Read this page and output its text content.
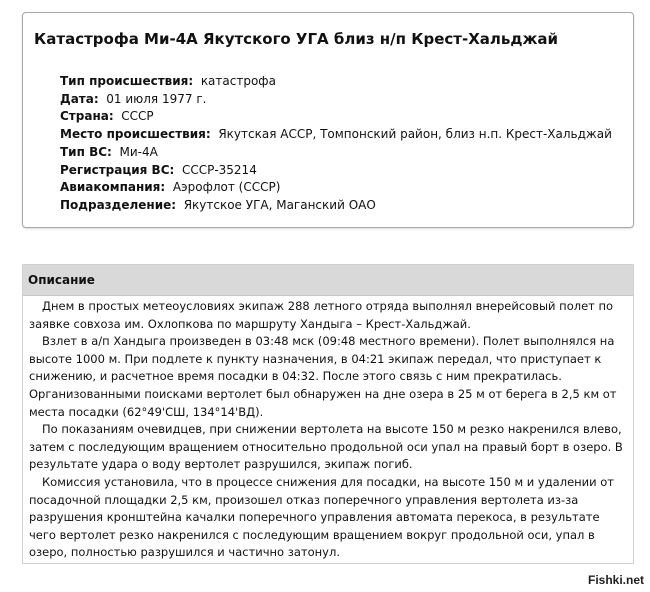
Катастрофа Ми-4А Якутского УГА близ н/п Крест-Хальджай
Тип происшествия: катастрофа
Дата: 01 июля 1977 г.
Страна: СССР
Место происшествия: Якутская АССР, Томпонский район, близ н.п. Крест-Хальджай
Тип ВС: Ми-4А
Регистрация ВС: СССР-35214
Авиакомпания: Аэрофлот (СССР)
Подразделение: Якутское УГА, Маганский ОАО
Описание

Днем в простых метеоусловиях экипаж 288 летного отряда выполнял внерейсовый полет по заявке совхоза им. Охлопкова по маршруту Хандыга – Крест-Хальджай.

Взлет в а/п Хандыга произведен в 03:48 мск (09:48 местного времени). Полет выполнялся на высоте 1000 м. При подлете к пункту назначения, в 04:21 экипаж передал, что приступает к снижению, и расчетное время посадки в 04:32. После этого связь с ним прекратилась. Организованными поисками вертолет был обнаружен на дне озера в 25 м от берега в 2,5 км от места посадки (62°49'СШ, 134°14'ВД).

По показаниям очевидцев, при снижении вертолета на высоте 150 м резко накренился влево, затем с последующим вращением относительно продольной оси упал на правый борт в озеро. В результате удара о воду вертолет разрушился, экипаж погиб.

Комиссия установила, что в процессе снижения для посадки, на высоте 150 м и удалении от посадочной площадки 2,5 км, произошел отказ поперечного управления вертолета из-за разрушения кронштейна качалки поперечного управления автомата перекоса, в результате чего вертолет резко накренился с последующим вращением вокруг продольной оси, упал в озеро, полностью разрушился и частично затонул.

Fishki.net
